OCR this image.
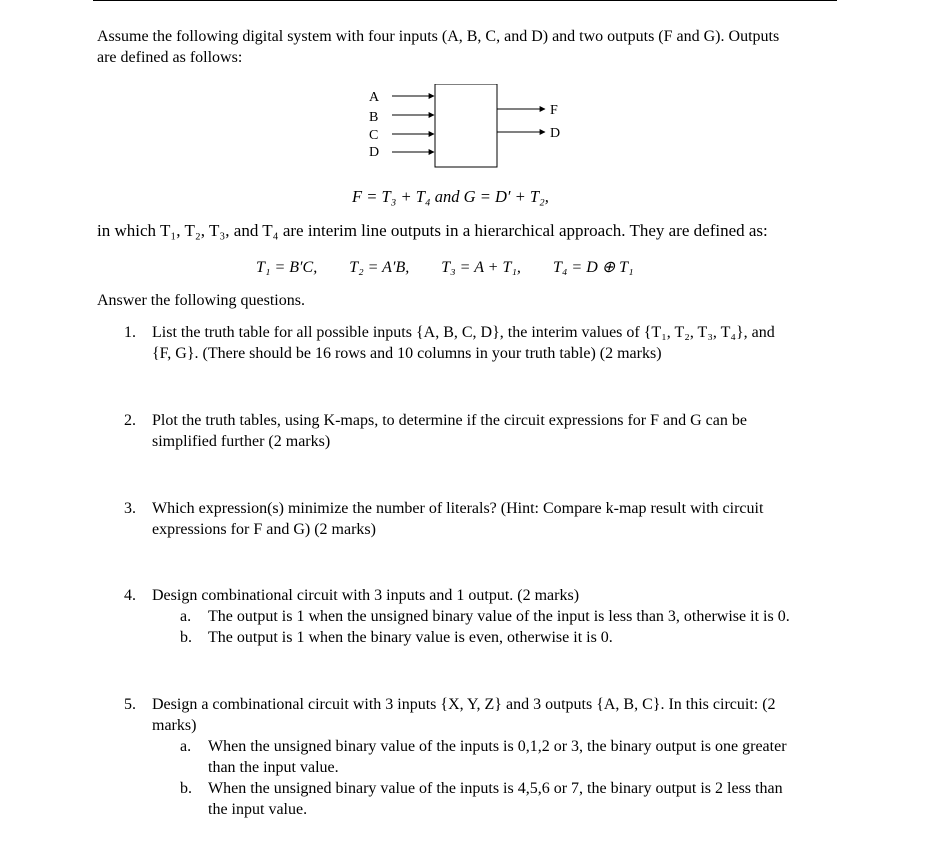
Assume the following digital system with four inputs (A, B, C, and D) and two outputs (F and G). Outputs
are defined as follows:
A
B
C
D
F
D
F = T₃ + T₄ and G = D′ + T₂,
in which T₁, T₂, T₃, and T₄ are interim line outputs in a hierarchical approach. They are defined as:
T₁ = B′C, T₂ = A′B, T₃ = A + T₁, T₄ = D ⊕ T₁
Answer the following questions.
1. List the truth table for all possible inputs {A, B, C, D}, the interim values of {T₁, T₂, T₃, T₄}, and
{F, G}. (There should be 16 rows and 10 columns in your truth table) (2 marks)
2. Plot the truth tables, using K-maps, to determine if the circuit expressions for F and G can be
simplified further (2 marks)
3. Which expression(s) minimize the number of literals? (Hint: Compare k-map result with circuit
expressions for F and G) (2 marks)
4. Design combinational circuit with 3 inputs and 1 output. (2 marks)
a. The output is 1 when the unsigned binary value of the input is less than 3, otherwise it is 0.
b. The output is 1 when the binary value is even, otherwise it is 0.
5. Design a combinational circuit with 3 inputs {X, Y, Z} and 3 outputs {A, B, C}. In this circuit: (2
marks)
a. When the unsigned binary value of the inputs is 0,1,2 or 3, the binary output is one greater
than the input value.
b. When the unsigned binary value of the inputs is 4,5,6 or 7, the binary output is 2 less than
the input value.
